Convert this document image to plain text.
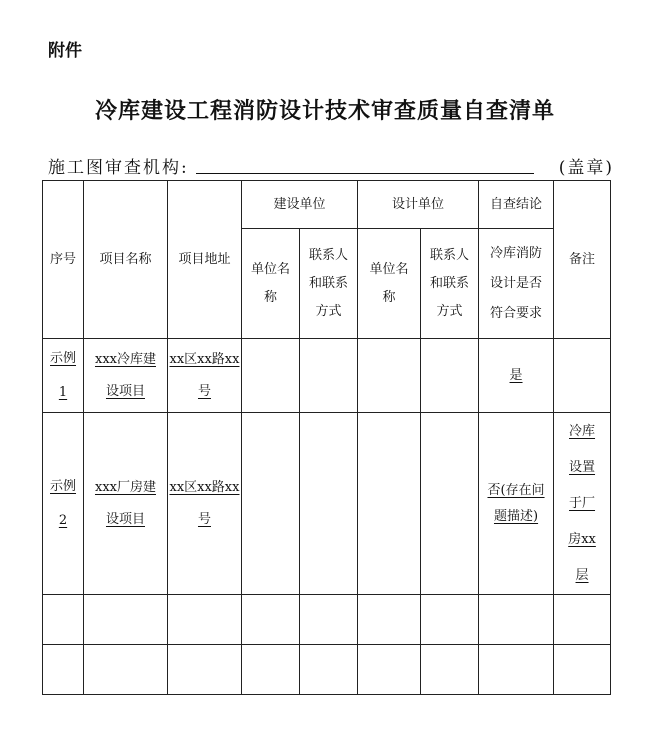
附件
冷库建设工程消防设计技术审查质量自查清单
施工图审查机构:	(盖章)
序号	项目名称	项目地址	建设单位		设计单位		自查结论	备注
			单位名称	联系人和联系方式	单位名称	联系人和联系方式	冷库消防设计是否符合要求	
示例1	xxx冷库建设项目	xx区xx路xx号					是	
示例2	xxx厂房建设项目	xx区xx路xx号					否(存在问题描述)	冷库设置于厂房xx层
